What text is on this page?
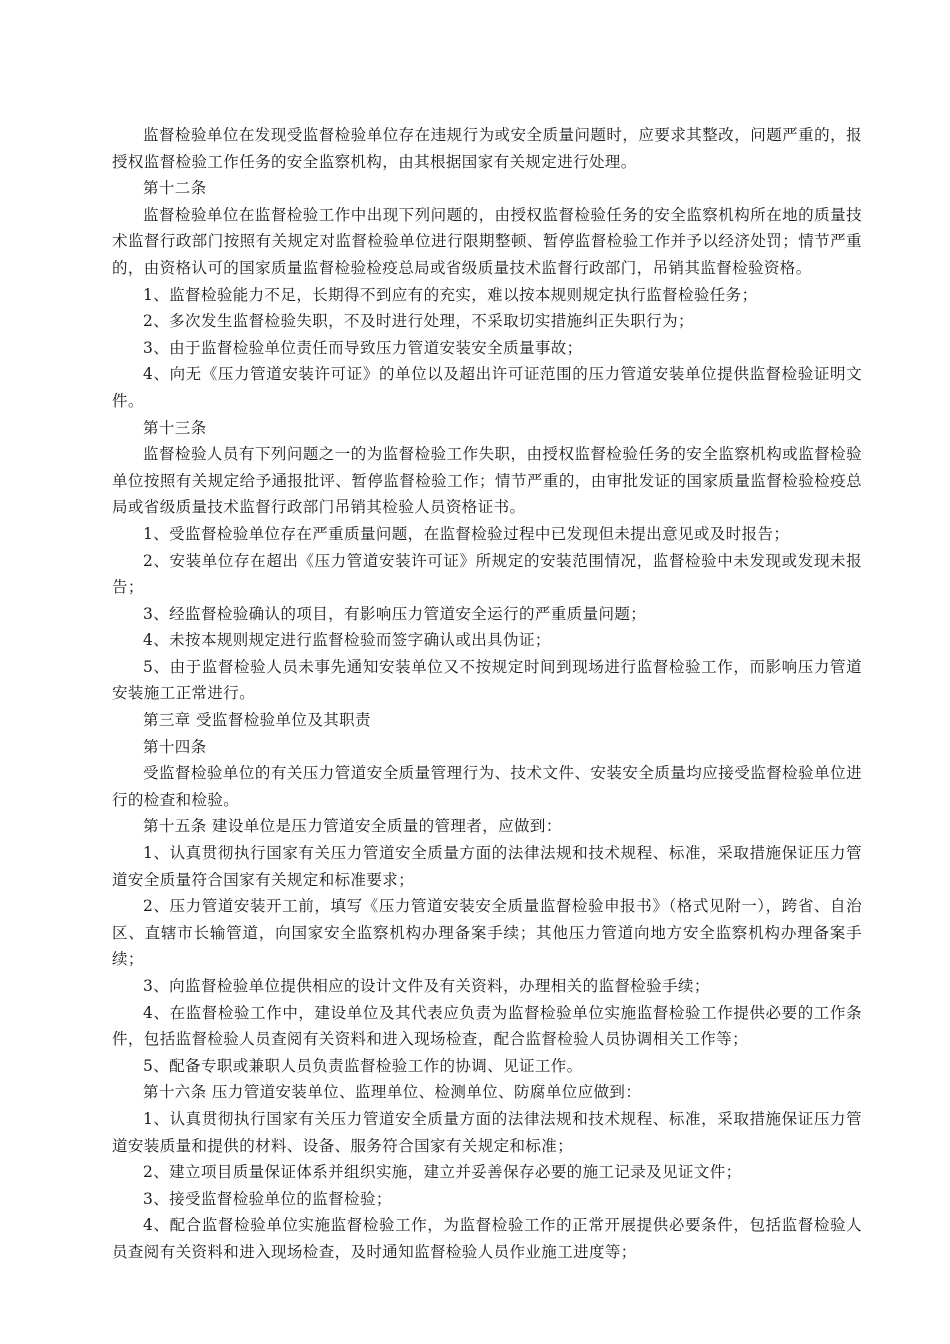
监督检验单位在发现受监督检验单位存在违规行为或安全质量问题时，应要求其整改，问题严重的，报授权监督检验工作任务的安全监察机构，由其根据国家有关规定进行处理。

第十二条

监督检验单位在监督检验工作中出现下列问题的，由授权监督检验任务的安全监察机构所在地的质量技术监督行政部门按照有关规定对监督检验单位进行限期整顿、暂停监督检验工作并予以经济处罚；情节严重的，由资格认可的国家质量监督检验检疫总局或省级质量技术监督行政部门，吊销其监督检验资格。

1、监督检验能力不足，长期得不到应有的充实，难以按本规则规定执行监督检验任务；

2、多次发生监督检验失职，不及时进行处理，不采取切实措施纠正失职行为；

3、由于监督检验单位责任而导致压力管道安装安全质量事故；

4、向无《压力管道安装许可证》的单位以及超出许可证范围的压力管道安装单位提供监督检验证明文件。

第十三条

监督检验人员有下列问题之一的为监督检验工作失职，由授权监督检验任务的安全监察机构或监督检验单位按照有关规定给予通报批评、暂停监督检验工作；情节严重的，由审批发证的国家质量监督检验检疫总局或省级质量技术监督行政部门吊销其检验人员资格证书。

1、受监督检验单位存在严重质量问题，在监督检验过程中已发现但未提出意见或及时报告；

2、安装单位存在超出《压力管道安装许可证》所规定的安装范围情况，监督检验中未发现或发现未报告；

3、经监督检验确认的项目，有影响压力管道安全运行的严重质量问题；

4、未按本规则规定进行监督检验而签字确认或出具伪证；

5、由于监督检验人员未事先通知安装单位又不按规定时间到现场进行监督检验工作，而影响压力管道安装施工正常进行。

第三章 受监督检验单位及其职责

第十四条

受监督检验单位的有关压力管道安全质量管理行为、技术文件、安装安全质量均应接受监督检验单位进行的检查和检验。

第十五条 建设单位是压力管道安全质量的管理者，应做到：

1、认真贯彻执行国家有关压力管道安全质量方面的法律法规和技术规程、标准，采取措施保证压力管道安全质量符合国家有关规定和标准要求；

2、压力管道安装开工前，填写《压力管道安装安全质量监督检验申报书》（格式见附一），跨省、自治区、直辖市长输管道，向国家安全监察机构办理备案手续；其他压力管道向地方安全监察机构办理备案手续；

3、向监督检验单位提供相应的设计文件及有关资料，办理相关的监督检验手续；

4、在监督检验工作中，建设单位及其代表应负责为监督检验单位实施监督检验工作提供必要的工作条件，包括监督检验人员查阅有关资料和进入现场检查，配合监督检验人员协调相关工作等；

5、配备专职或兼职人员负责监督检验工作的协调、见证工作。

第十六条 压力管道安装单位、监理单位、检测单位、防腐单位应做到：

1、认真贯彻执行国家有关压力管道安全质量方面的法律法规和技术规程、标准，采取措施保证压力管道安装质量和提供的材料、设备、服务符合国家有关规定和标准；

2、建立项目质量保证体系并组织实施，建立并妥善保存必要的施工记录及见证文件；

3、接受监督检验单位的监督检验；

4、配合监督检验单位实施监督检验工作，为监督检验工作的正常开展提供必要条件，包括监督检验人员查阅有关资料和进入现场检查，及时通知监督检验人员作业施工进度等；
